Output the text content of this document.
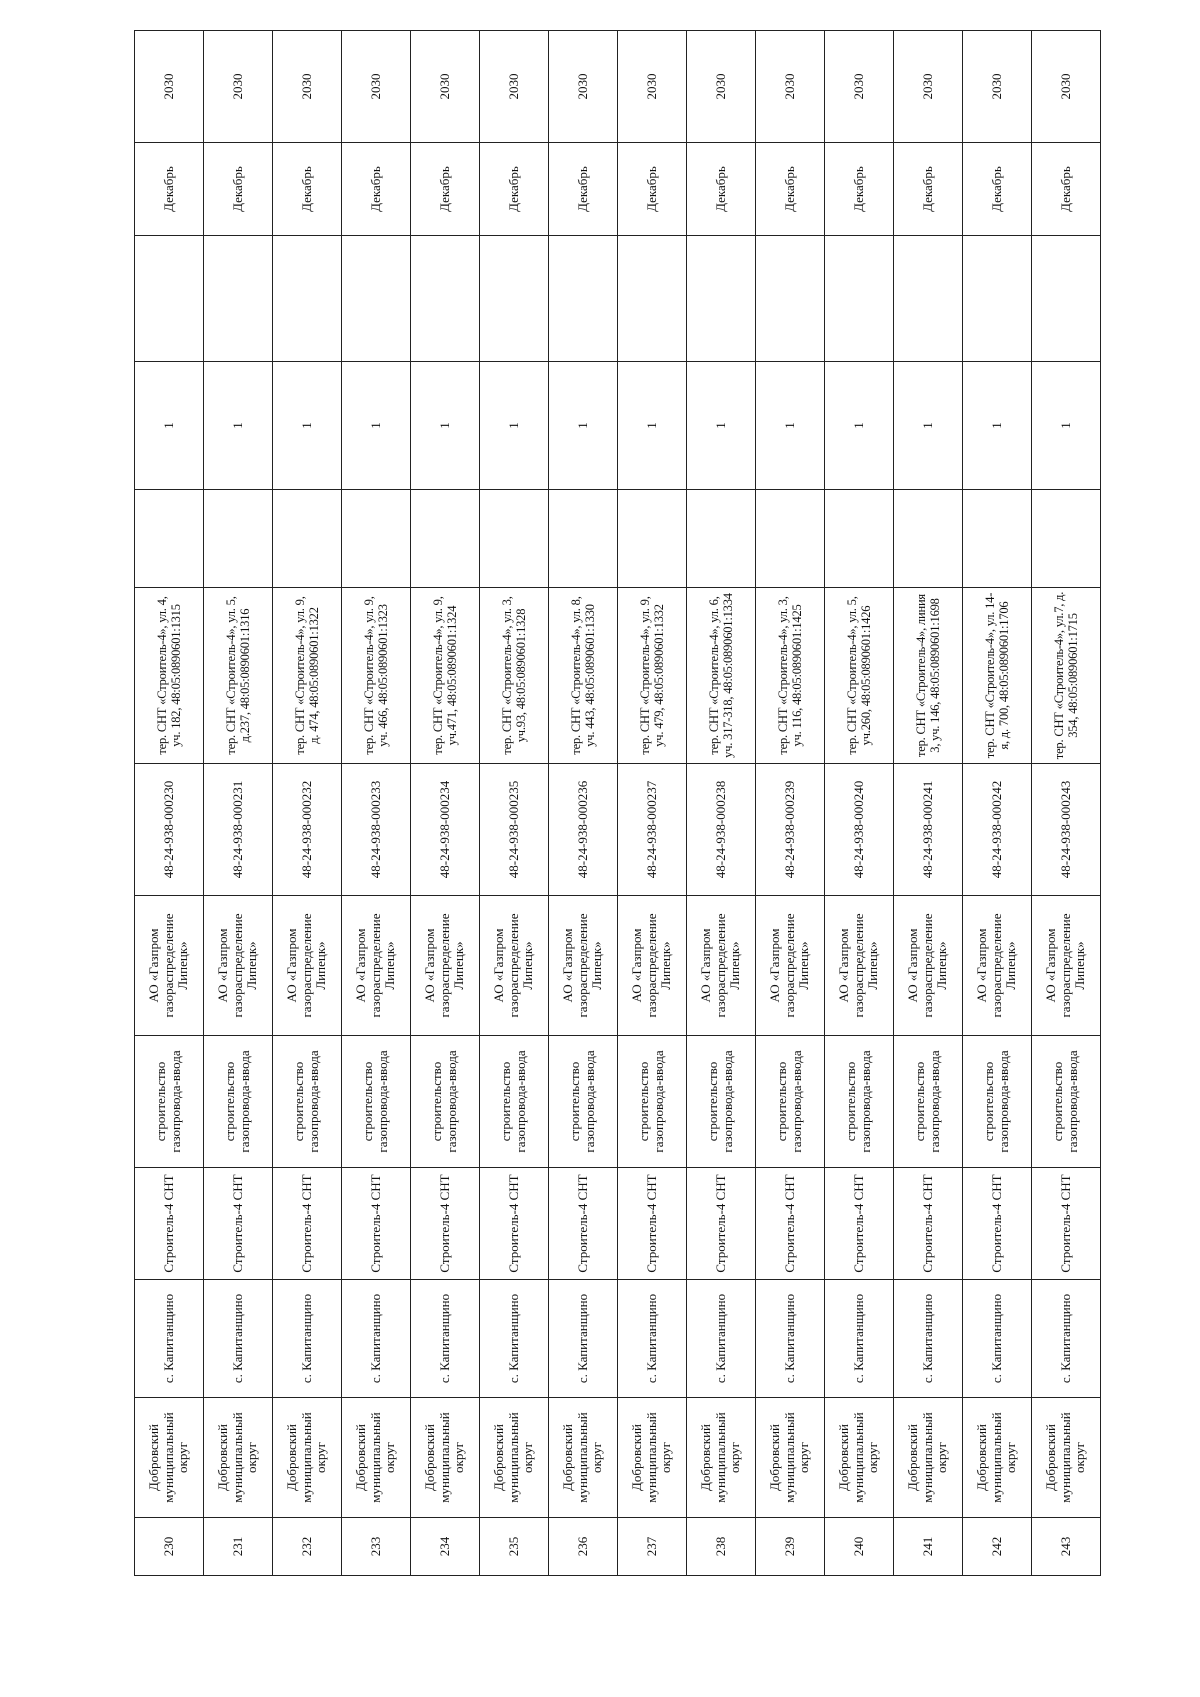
230	Добровский муниципальный округ	с. Капитанщино	Строитель-4 СНТ	строительство газопровода-ввода	АО «Газпром газораспределение Липецк»	48-24-938-000230	тер. СНТ «Строитель-4», ул. 4, уч. 182, 48:05:0890601:1315		1		Декабрь	2030
231	Добровский муниципальный округ	с. Капитанщино	Строитель-4 СНТ	строительство газопровода-ввода	АО «Газпром газораспределение Липецк»	48-24-938-000231	тер. СНТ «Строитель-4», ул. 5, д.237, 48:05:0890601:1316		1		Декабрь	2030
232	Добровский муниципальный округ	с. Капитанщино	Строитель-4 СНТ	строительство газопровода-ввода	АО «Газпром газораспределение Липецк»	48-24-938-000232	тер. СНТ «Строитель-4», ул. 9, д. 474, 48:05:0890601:1322		1		Декабрь	2030
233	Добровский муниципальный округ	с. Капитанщино	Строитель-4 СНТ	строительство газопровода-ввода	АО «Газпром газораспределение Липецк»	48-24-938-000233	тер. СНТ «Строитель-4», ул. 9, уч. 466, 48:05:0890601:1323		1		Декабрь	2030
234	Добровский муниципальный округ	с. Капитанщино	Строитель-4 СНТ	строительство газопровода-ввода	АО «Газпром газораспределение Липецк»	48-24-938-000234	тер. СНТ «Строитель-4», ул. 9, уч.471, 48:05:0890601:1324		1		Декабрь	2030
235	Добровский муниципальный округ	с. Капитанщино	Строитель-4 СНТ	строительство газопровода-ввода	АО «Газпром газораспределение Липецк»	48-24-938-000235	тер. СНТ «Строитель-4», ул. 3, уч.93, 48:05:0890601:1328		1		Декабрь	2030
236	Добровский муниципальный округ	с. Капитанщино	Строитель-4 СНТ	строительство газопровода-ввода	АО «Газпром газораспределение Липецк»	48-24-938-000236	тер. СНТ «Строитель-4», ул. 8, уч. 443, 48:05:0890601:1330		1		Декабрь	2030
237	Добровский муниципальный округ	с. Капитанщино	Строитель-4 СНТ	строительство газопровода-ввода	АО «Газпром газораспределение Липецк»	48-24-938-000237	тер. СНТ «Строитель-4», ул. 9, уч. 479, 48:05:0890601:1332		1		Декабрь	2030
238	Добровский муниципальный округ	с. Капитанщино	Строитель-4 СНТ	строительство газопровода-ввода	АО «Газпром газораспределение Липецк»	48-24-938-000238	тер. СНТ «Строитель-4», ул. 6, уч. 317-318, 48:05:0890601:1334		1		Декабрь	2030
239	Добровский муниципальный округ	с. Капитанщино	Строитель-4 СНТ	строительство газопровода-ввода	АО «Газпром газораспределение Липецк»	48-24-938-000239	тер. СНТ «Строитель-4», ул. 3, уч. 116, 48:05:0890601:1425		1		Декабрь	2030
240	Добровский муниципальный округ	с. Капитанщино	Строитель-4 СНТ	строительство газопровода-ввода	АО «Газпром газораспределение Липецк»	48-24-938-000240	тер. СНТ «Строитель-4», ул. 5, уч.260, 48:05:0890601:1426		1		Декабрь	2030
241	Добровский муниципальный округ	с. Капитанщино	Строитель-4 СНТ	строительство газопровода-ввода	АО «Газпром газораспределение Липецк»	48-24-938-000241	тер. СНТ «Строитель-4», линия 3, уч. 146, 48:05:0890601:1698		1		Декабрь	2030
242	Добровский муниципальный округ	с. Капитанщино	Строитель-4 СНТ	строительство газопровода-ввода	АО «Газпром газораспределение Липецк»	48-24-938-000242	тер. СНТ «Строитель-4», ул. 14-я, д. 700, 48:05:0890601:1706		1		Декабрь	2030
243	Добровский муниципальный округ	с. Капитанщино	Строитель-4 СНТ	строительство газопровода-ввода	АО «Газпром газораспределение Липецк»	48-24-938-000243	тер. СНТ «Строитель-4», ул.7, д. 354, 48:05:0890601:1715		1		Декабрь	2030
